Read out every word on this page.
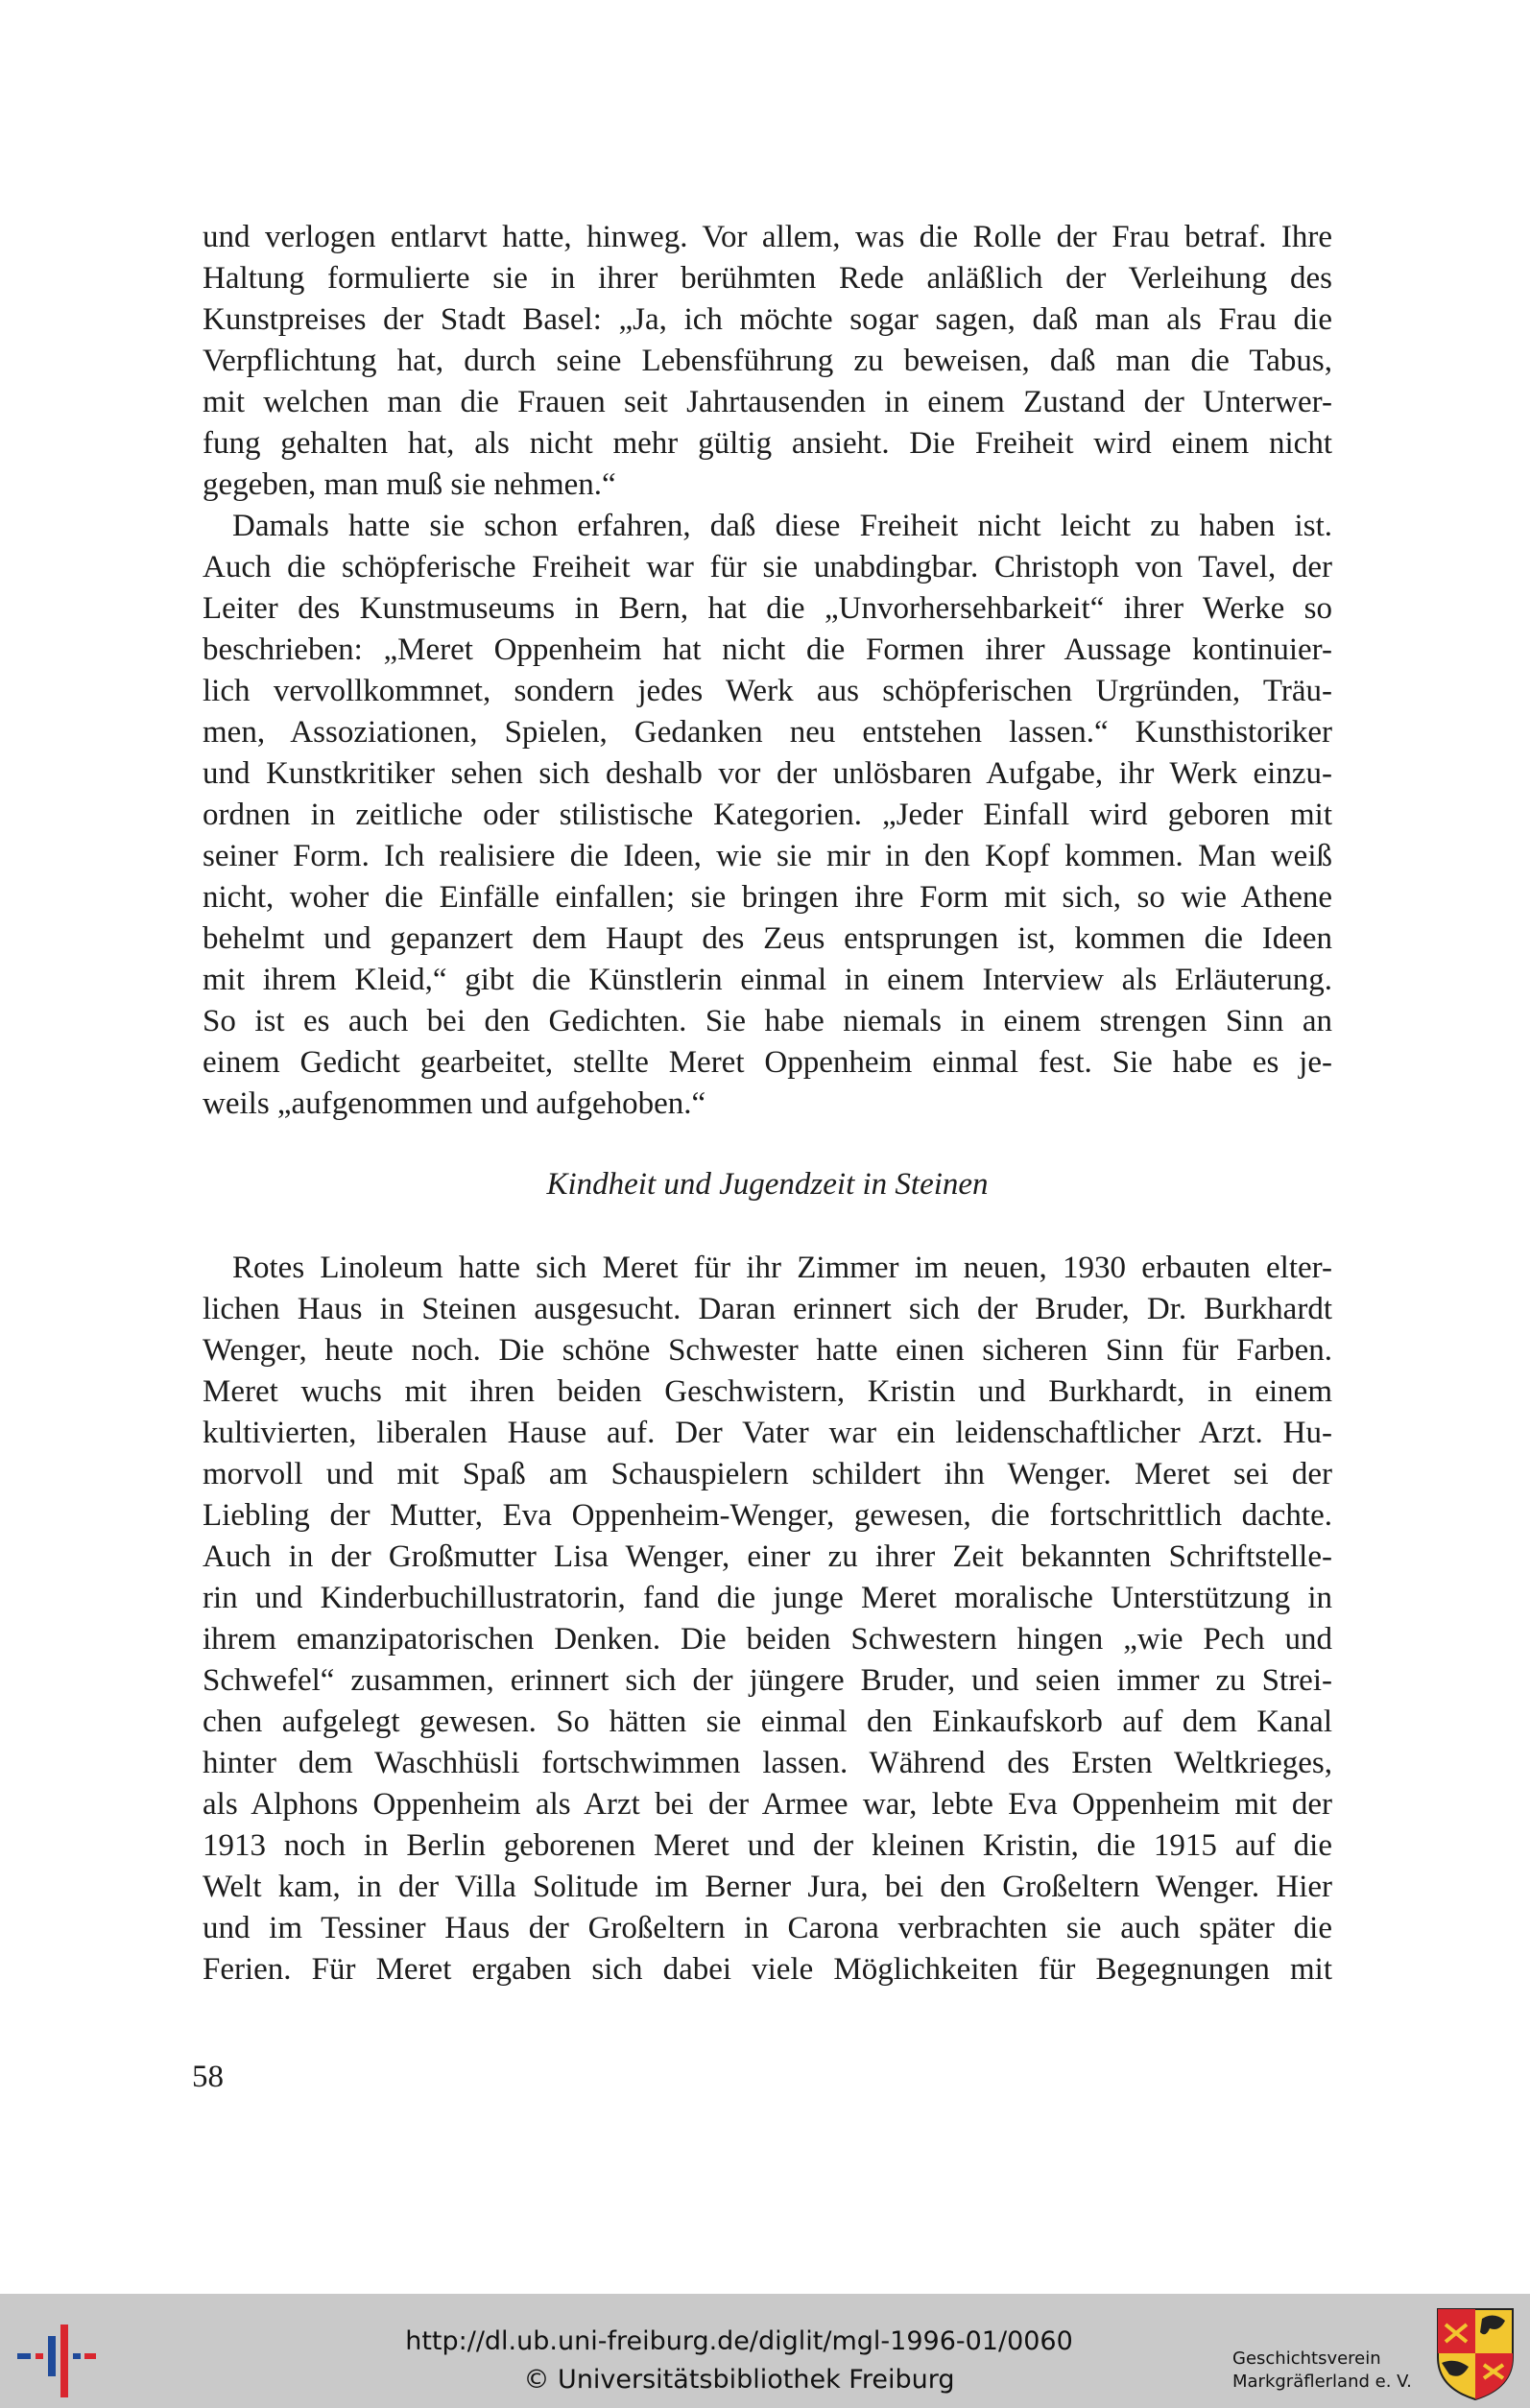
und verlogen entlarvt hatte, hinweg. Vor allem, was die Rolle der Frau betraf. Ihre
Haltung formulierte sie in ihrer berühmten Rede anläßlich der Verleihung des
Kunstpreises der Stadt Basel: „Ja, ich möchte sogar sagen, daß man als Frau die
Verpflichtung hat, durch seine Lebensführung zu beweisen, daß man die Tabus,
mit welchen man die Frauen seit Jahrtausenden in einem Zustand der Unterwer-
fung gehalten hat, als nicht mehr gültig ansieht. Die Freiheit wird einem nicht
gegeben, man muß sie nehmen.“
Damals hatte sie schon erfahren, daß diese Freiheit nicht leicht zu haben ist.
Auch die schöpferische Freiheit war für sie unabdingbar. Christoph von Tavel, der
Leiter des Kunstmuseums in Bern, hat die „Unvorhersehbarkeit“ ihrer Werke so
beschrieben: „Meret Oppenheim hat nicht die Formen ihrer Aussage kontinuier-
lich vervollkommnet, sondern jedes Werk aus schöpferischen Urgründen, Träu-
men, Assoziationen, Spielen, Gedanken neu entstehen lassen.“ Kunsthistoriker
und Kunstkritiker sehen sich deshalb vor der unlösbaren Aufgabe, ihr Werk einzu-
ordnen in zeitliche oder stilistische Kategorien. „Jeder Einfall wird geboren mit
seiner Form. Ich realisiere die Ideen, wie sie mir in den Kopf kommen. Man weiß
nicht, woher die Einfälle einfallen; sie bringen ihre Form mit sich, so wie Athene
behelmt und gepanzert dem Haupt des Zeus entsprungen ist, kommen die Ideen
mit ihrem Kleid,“ gibt die Künstlerin einmal in einem Interview als Erläuterung.
So ist es auch bei den Gedichten. Sie habe niemals in einem strengen Sinn an
einem Gedicht gearbeitet, stellte Meret Oppenheim einmal fest. Sie habe es je-
weils „aufgenommen und aufgehoben.“
Kindheit und Jugendzeit in Steinen
Rotes Linoleum hatte sich Meret für ihr Zimmer im neuen, 1930 erbauten elter-
lichen Haus in Steinen ausgesucht. Daran erinnert sich der Bruder, Dr. Burkhardt
Wenger, heute noch. Die schöne Schwester hatte einen sicheren Sinn für Farben.
Meret wuchs mit ihren beiden Geschwistern, Kristin und Burkhardt, in einem
kultivierten, liberalen Hause auf. Der Vater war ein leidenschaftlicher Arzt. Hu-
morvoll und mit Spaß am Schauspielern schildert ihn Wenger. Meret sei der
Liebling der Mutter, Eva Oppenheim-Wenger, gewesen, die fortschrittlich dachte.
Auch in der Großmutter Lisa Wenger, einer zu ihrer Zeit bekannten Schriftstelle-
rin und Kinderbuchillustratorin, fand die junge Meret moralische Unterstützung in
ihrem emanzipatorischen Denken. Die beiden Schwestern hingen „wie Pech und
Schwefel“ zusammen, erinnert sich der jüngere Bruder, und seien immer zu Strei-
chen aufgelegt gewesen. So hätten sie einmal den Einkaufskorb auf dem Kanal
hinter dem Waschhüsli fortschwimmen lassen. Während des Ersten Weltkrieges,
als Alphons Oppenheim als Arzt bei der Armee war, lebte Eva Oppenheim mit der
1913 noch in Berlin geborenen Meret und der kleinen Kristin, die 1915 auf die
Welt kam, in der Villa Solitude im Berner Jura, bei den Großeltern Wenger. Hier
und im Tessiner Haus der Großeltern in Carona verbrachten sie auch später die
Ferien. Für Meret ergaben sich dabei viele Möglichkeiten für Begegnungen mit
58
http://dl.ub.uni-freiburg.de/diglit/mgl-1996-01/0060
© Universitätsbibliothek Freiburg
Geschichtsverein
Markgräflerland e. V.
